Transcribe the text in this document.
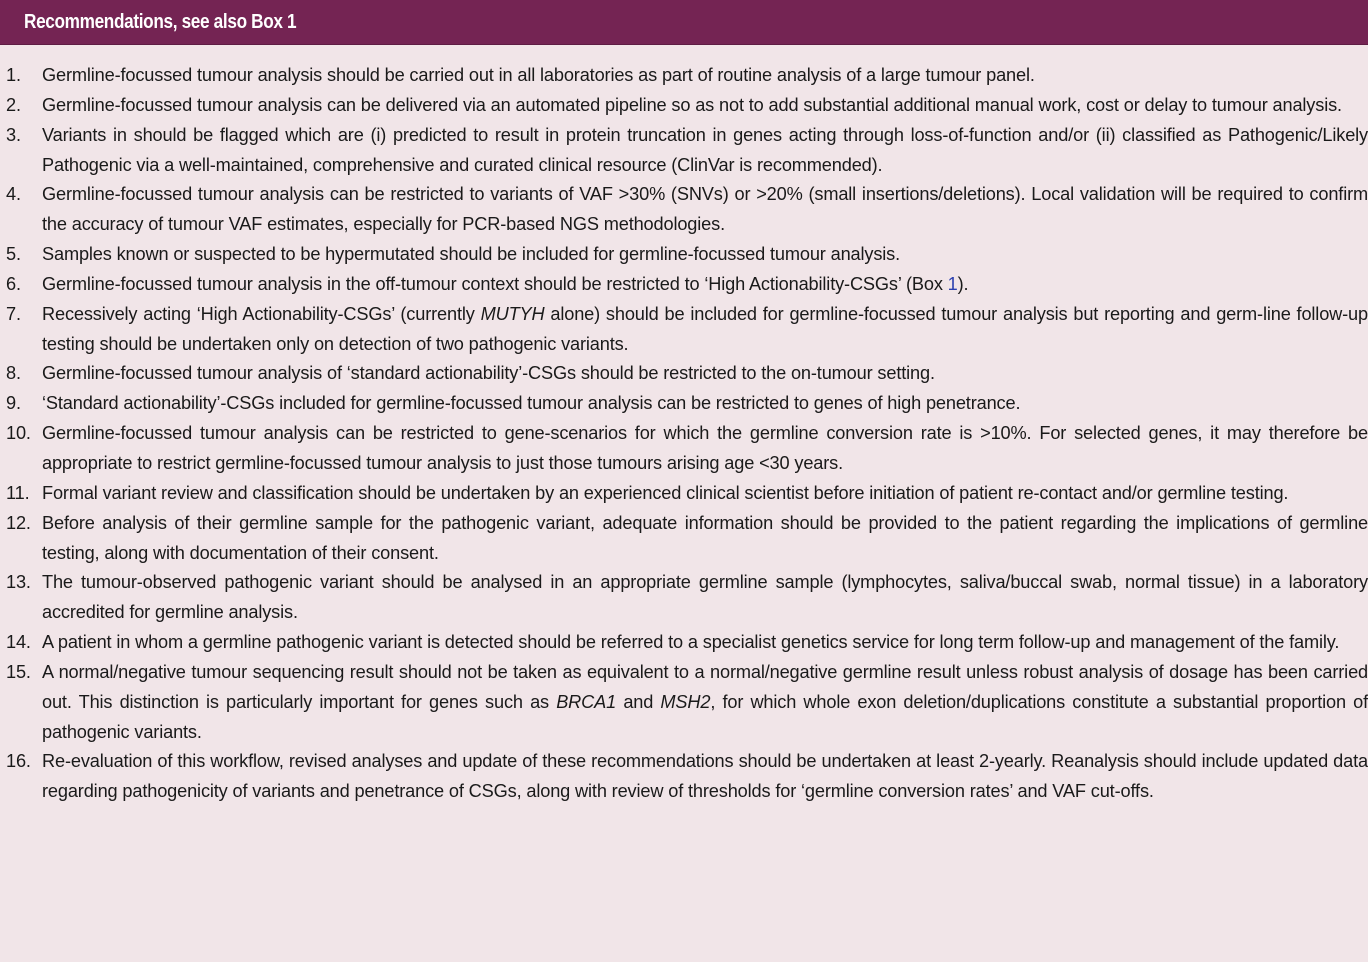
Recommendations, see also Box 1
1.	Germline-focussed tumour analysis should be carried out in all laboratories as part of routine analysis of a large tumour panel.
2.	Germline-focussed tumour analysis can be delivered via an automated pipeline so as not to add substantial additional manual work, cost or delay to tumour analysis.
3.	Variants in should be flagged which are (i) predicted to result in protein truncation in genes acting through loss-of-function and/or (ii) classified as Pathogenic/Likely Pathogenic via a well-maintained, comprehensive and curated clinical resource (ClinVar is recommended).
4.	Germline-focussed tumour analysis can be restricted to variants of VAF >30% (SNVs) or >20% (small insertions/deletions). Local validation will be required to confirm the accuracy of tumour VAF estimates, especially for PCR-based NGS methodologies.
5.	Samples known or suspected to be hypermutated should be included for germline-focussed tumour analysis.
6.	Germline-focussed tumour analysis in the off-tumour context should be restricted to ‘High Actionability-CSGs’ (Box 1).
7.	Recessively acting ‘High Actionability-CSGs’ (currently MUTYH alone) should be included for germline-focussed tumour analysis but reporting and germ-line follow-up testing should be undertaken only on detection of two pathogenic variants.
8.	Germline-focussed tumour analysis of ‘standard actionability’-CSGs should be restricted to the on-tumour setting.
9.	‘Standard actionability’-CSGs included for germline-focussed tumour analysis can be restricted to genes of high penetrance.
10. Germline-focussed tumour analysis can be restricted to gene-scenarios for which the germline conversion rate is >10%. For selected genes, it may therefore be appropriate to restrict germline-focussed tumour analysis to just those tumours arising age <30 years.
11. Formal variant review and classification should be undertaken by an experienced clinical scientist before initiation of patient re-contact and/or germline testing.
12. Before analysis of their germline sample for the pathogenic variant, adequate information should be provided to the patient regarding the implications of germline testing, along with documentation of their consent.
13. The tumour-observed pathogenic variant should be analysed in an appropriate germline sample (lymphocytes, saliva/buccal swab, normal tissue) in a laboratory accredited for germline analysis.
14. A patient in whom a germline pathogenic variant is detected should be referred to a specialist genetics service for long term follow-up and management of the family.
15. A normal/negative tumour sequencing result should not be taken as equivalent to a normal/negative germline result unless robust analysis of dosage has been carried out. This distinction is particularly important for genes such as BRCA1 and MSH2, for which whole exon deletion/duplications constitute a substantial proportion of pathogenic variants.
16. Re-evaluation of this workflow, revised analyses and update of these recommendations should be undertaken at least 2-yearly. Reanalysis should include updated data regarding pathogenicity of variants and penetrance of CSGs, along with review of thresholds for ‘germline conversion rates’ and VAF cut-offs.
